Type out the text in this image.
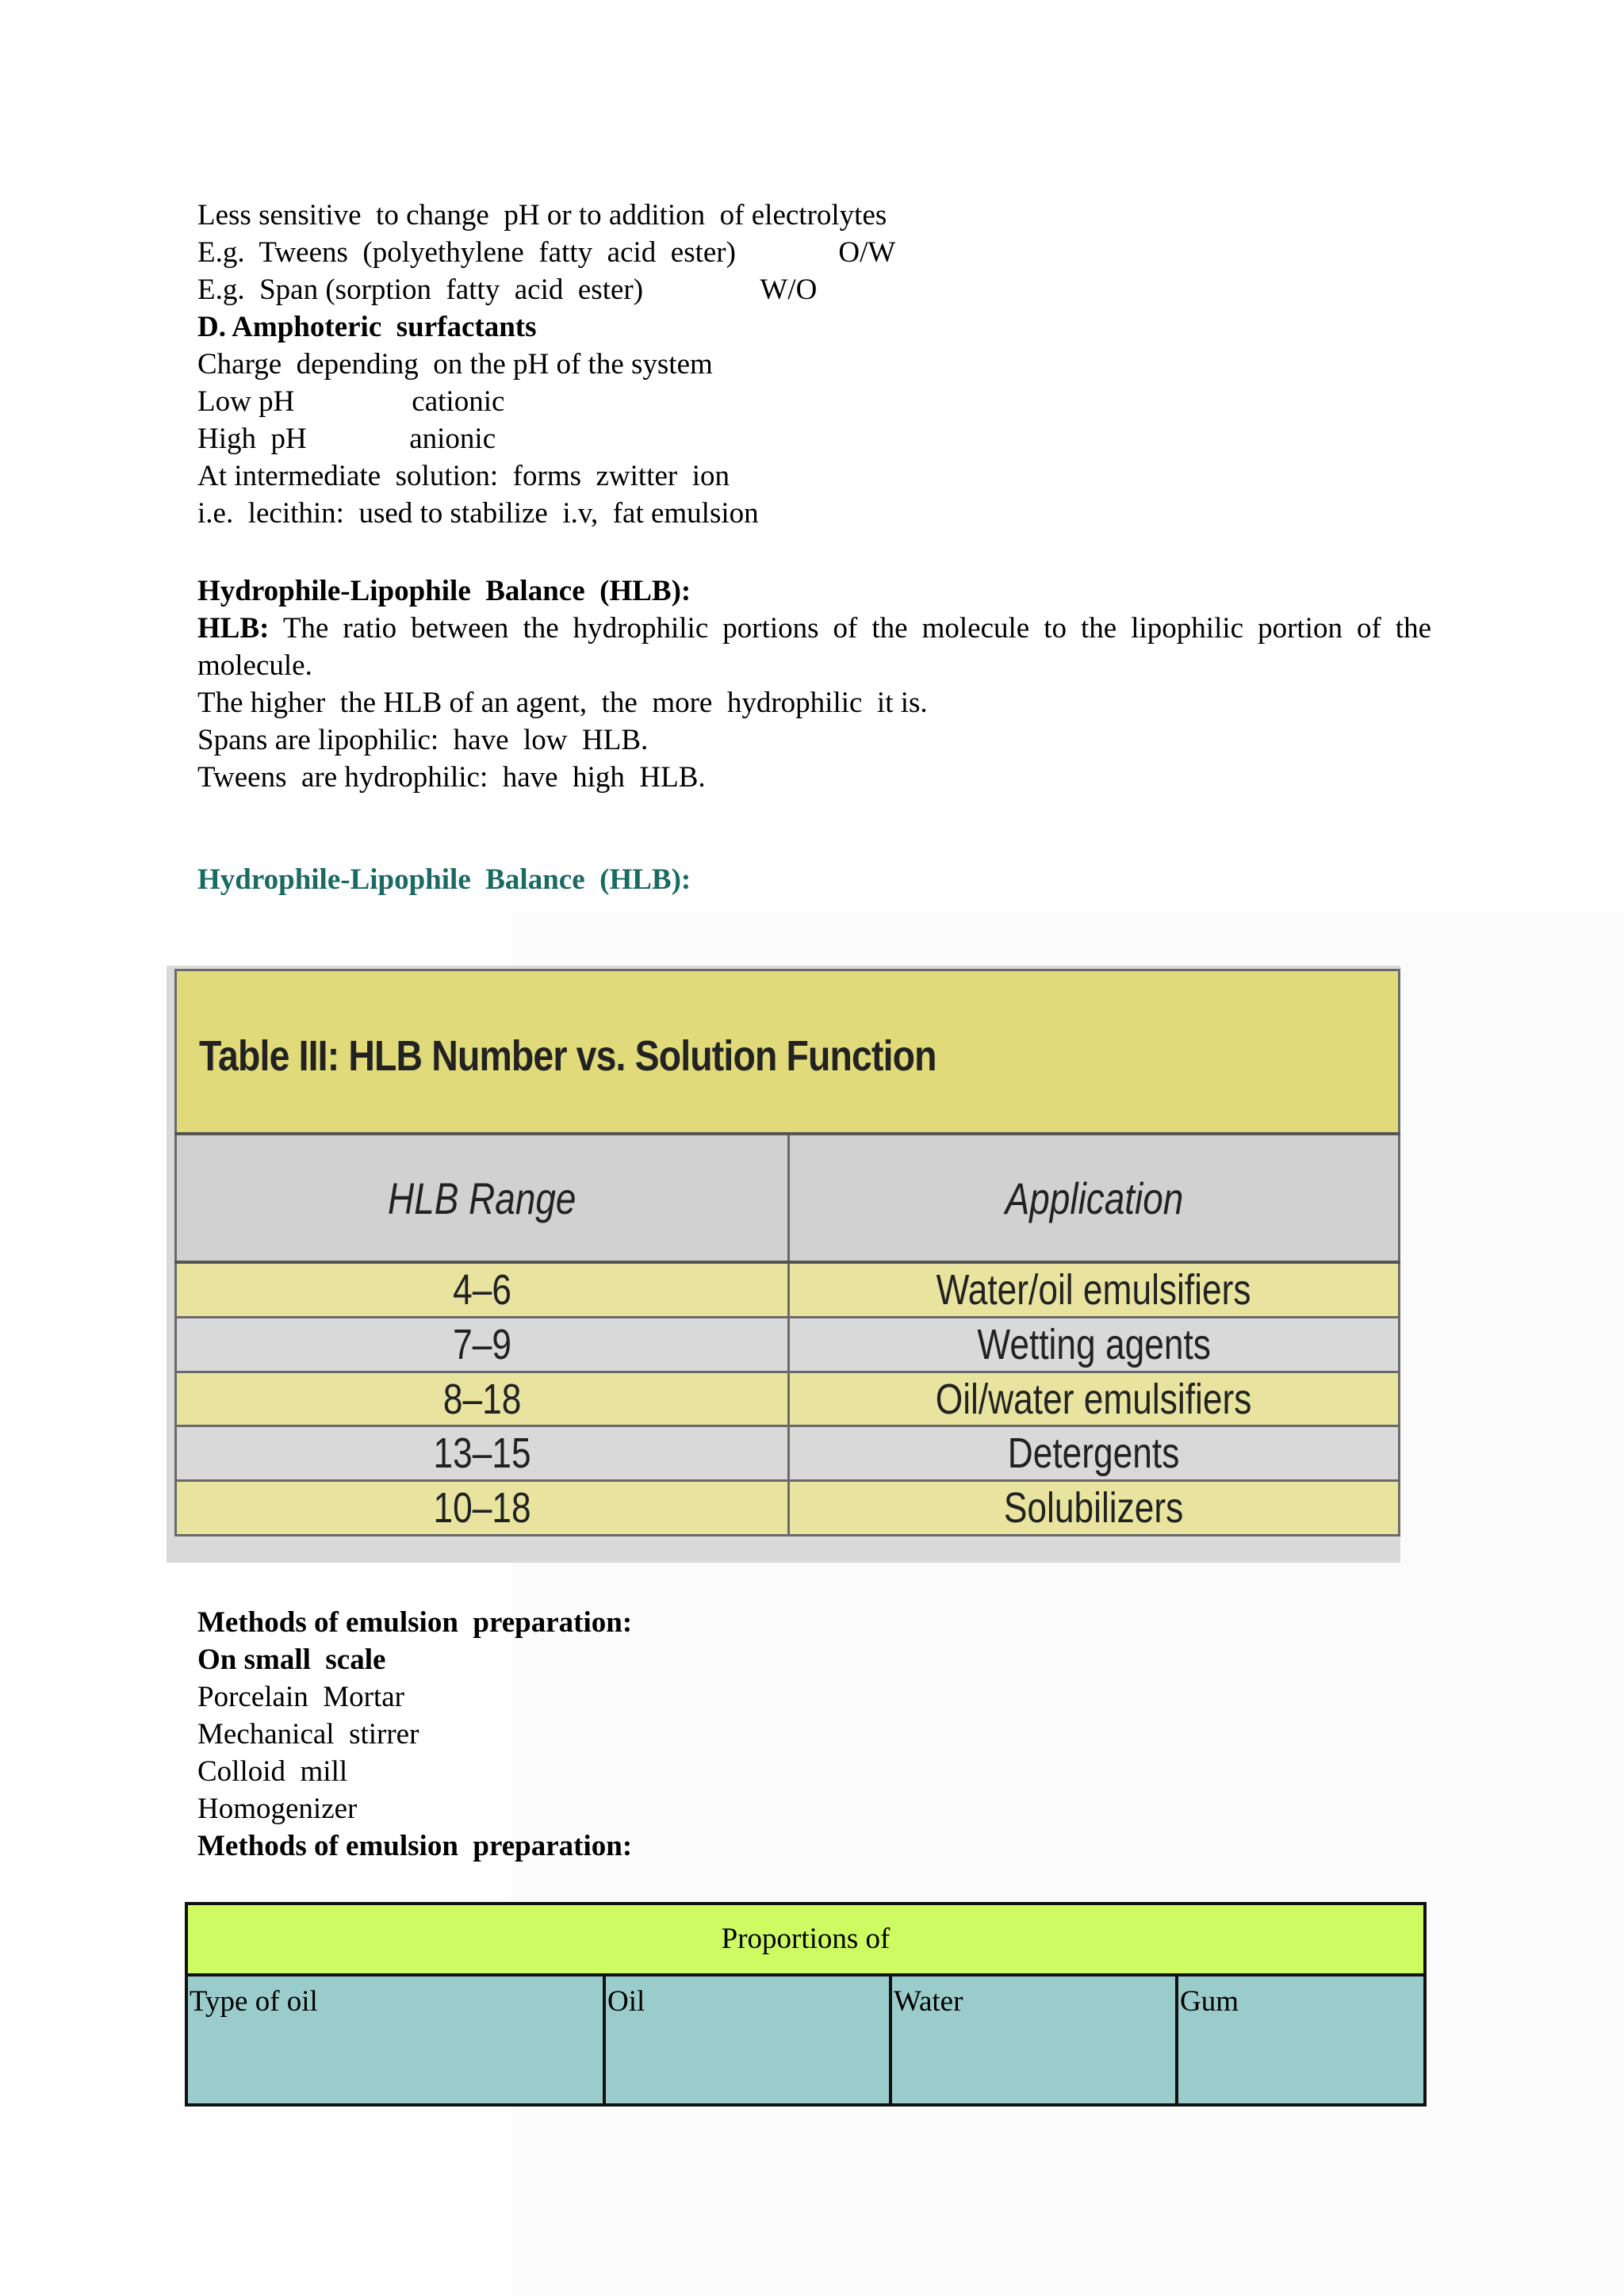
Less sensitive  to change  pH or to addition  of electrolytes
E.g.  Tweens  (polyethylene  fatty  acid  ester)              O/W
E.g.  Span (sorption  fatty  acid  ester)                W/O
D. Amphoteric  surfactants
Charge  depending  on the pH of the system
Low pH                cationic
High  pH              anionic
At intermediate  solution:  forms  zwitter  ion
i.e.  lecithin:  used to stabilize  i.v,  fat emulsion
Hydrophile-Lipophile  Balance  (HLB):
HLB: The ratio between the hydrophilic portions of the molecule to the lipophilic portion of the molecule.
The higher  the HLB of an agent,  the  more  hydrophilic  it is.
Spans are lipophilic:  have  low  HLB.
Tweens  are hydrophilic:  have  high  HLB.
Hydrophile-Lipophile  Balance  (HLB):
Table III: HLB Number vs. Solution Function	
HLB Range	Application
4–6	Water/oil emulsifiers
7–9	Wetting agents
8–18	Oil/water emulsifiers
13–15	Detergents
10–18	Solubilizers
Methods of emulsion  preparation:
On small  scale
Porcelain  Mortar
Mechanical  stirrer
Colloid  mill
Homogenizer
Methods of emulsion  preparation:
Proportions of
Type of oil	Oil	Water	Gum
